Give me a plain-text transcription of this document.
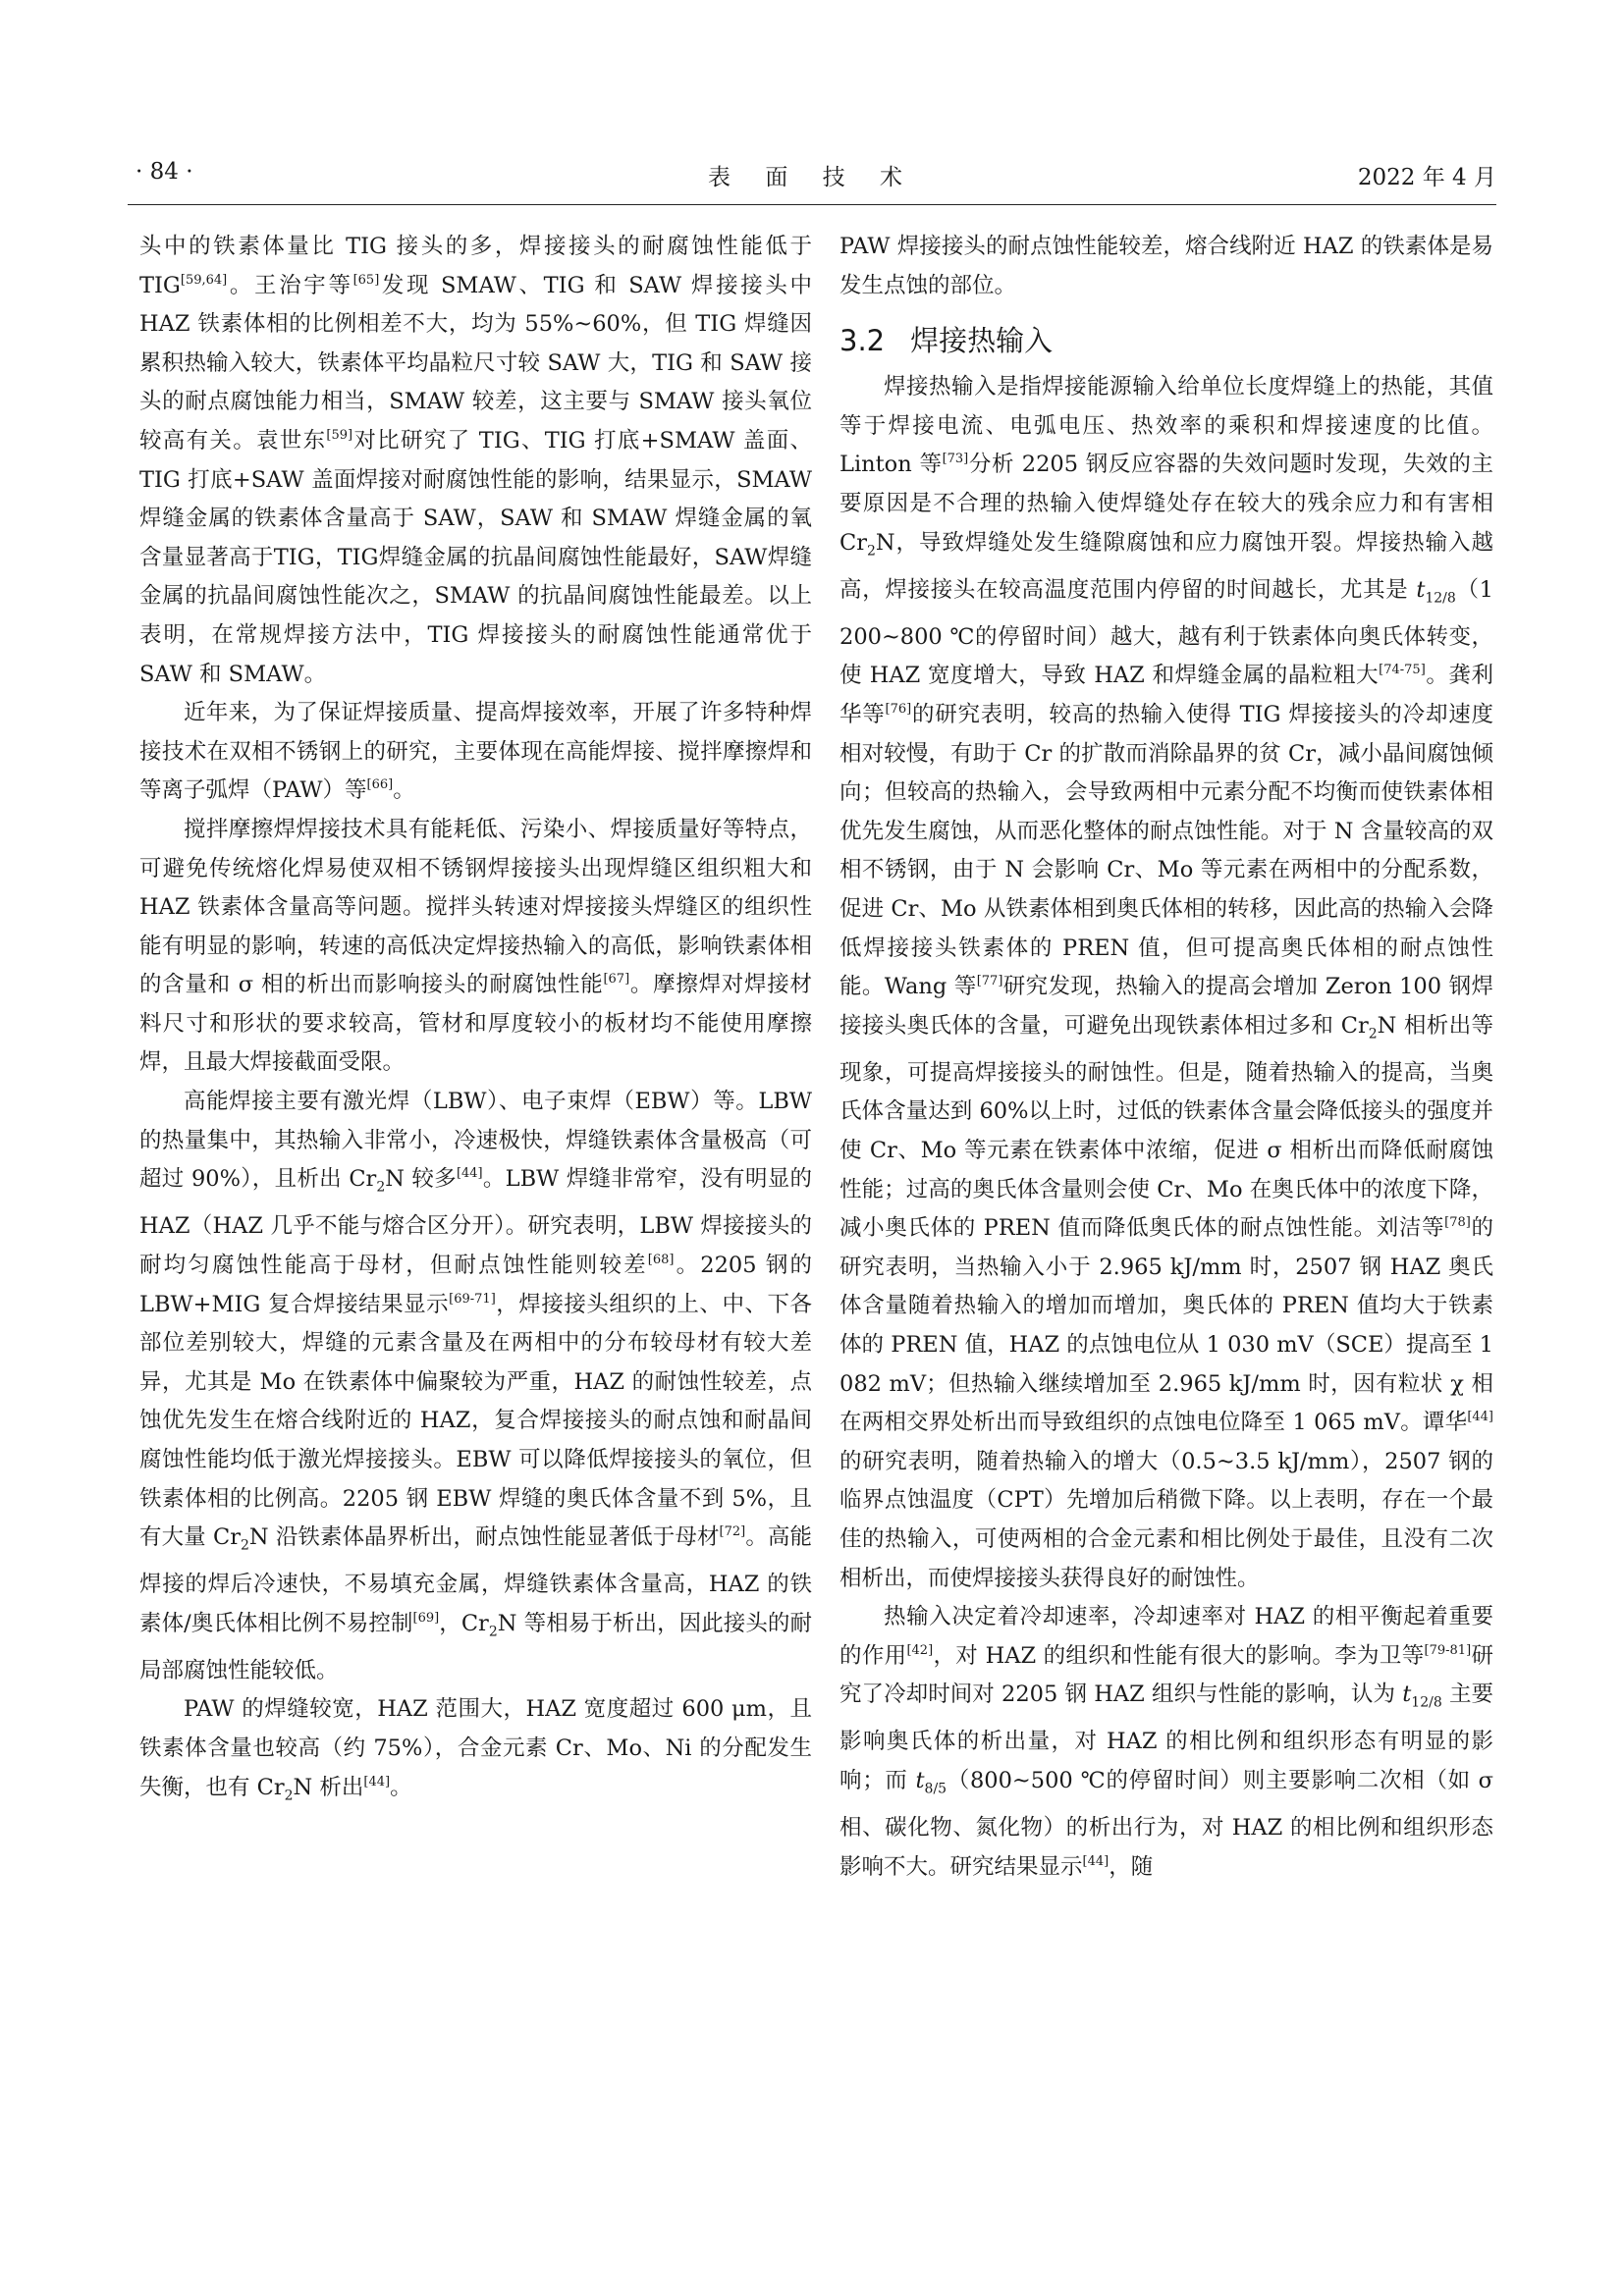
· 84 ·	表 面 技 术	2022 年 4 月

头中的铁素体量比 TIG 接头的多，焊接接头的耐腐蚀性能低于 TIG[59,64]。王治宇等[65]发现 SMAW、TIG 和 SAW 焊接接头中 HAZ 铁素体相的比例相差不大，均为 55%~60%，但 TIG 焊缝因累积热输入较大，铁素体平均晶粒尺寸较 SAW 大，TIG 和 SAW 接头的耐点腐蚀能力相当，SMAW 较差，这主要与 SMAW 接头氧位较高有关。袁世东[59]对比研究了 TIG、TIG 打底+SMAW 盖面、TIG 打底+SAW 盖面焊接对耐腐蚀性能的影响，结果显示，SMAW 焊缝金属的铁素体含量高于 SAW，SAW 和 SMAW 焊缝金属的氧含量显著高于TIG，TIG焊缝金属的抗晶间腐蚀性能最好，SAW焊缝金属的抗晶间腐蚀性能次之，SMAW 的抗晶间腐蚀性能最差。以上表明，在常规焊接方法中，TIG 焊接接头的耐腐蚀性能通常优于 SAW 和 SMAW。

近年来，为了保证焊接质量、提高焊接效率，开展了许多特种焊接技术在双相不锈钢上的研究，主要体现在高能焊接、搅拌摩擦焊和等离子弧焊（PAW）等[66]。

搅拌摩擦焊焊接技术具有能耗低、污染小、焊接质量好等特点，可避免传统熔化焊易使双相不锈钢焊接接头出现焊缝区组织粗大和 HAZ 铁素体含量高等问题。搅拌头转速对焊接接头焊缝区的组织性能有明显的影响，转速的高低决定焊接热输入的高低，影响铁素体相的含量和 σ 相的析出而影响接头的耐腐蚀性能[67]。摩擦焊对焊接材料尺寸和形状的要求较高，管材和厚度较小的板材均不能使用摩擦焊，且最大焊接截面受限。

高能焊接主要有激光焊（LBW）、电子束焊（EBW）等。LBW 的热量集中，其热输入非常小，冷速极快，焊缝铁素体含量极高（可超过 90%），且析出 $Cr_2N$ 较多[44]。LBW 焊缝非常窄，没有明显的 HAZ（HAZ 几乎不能与熔合区分开）。研究表明，LBW 焊接接头的耐均匀腐蚀性能高于母材，但耐点蚀性能则较差[68]。2205 钢的 LBW+MIG 复合焊接结果显示[69-71]，焊接接头组织的上、中、下各部位差别较大，焊缝的元素含量及在两相中的分布较母材有较大差异，尤其是 Mo 在铁素体中偏聚较为严重，HAZ 的耐蚀性较差，点蚀优先发生在熔合线附近的 HAZ，复合焊接接头的耐点蚀和耐晶间腐蚀性能均低于激光焊接接头。EBW 可以降低焊接接头的氧位，但铁素体相的比例高。2205 钢 EBW 焊缝的奥氏体含量不到 5%，且有大量 $Cr_2N$ 沿铁素体晶界析出，耐点蚀性能显著低于母材[72]。高能焊接的焊后冷速快，不易填充金属，焊缝铁素体含量高，HAZ 的铁素体/奥氏体相比例不易控制[69]，$Cr_2N$ 等相易于析出，因此接头的耐局部腐蚀性能较低。

PAW 的焊缝较宽，HAZ 范围大，HAZ 宽度超过 600 μm，且铁素体含量也较高（约 75%），合金元素 Cr、Mo、Ni 的分配发生失衡，也有 $Cr_2N$ 析出[44]。

PAW 焊接接头的耐点蚀性能较差，熔合线附近 HAZ 的铁素体是易发生点蚀的部位。

3.2 焊接热输入

焊接热输入是指焊接能源输入给单位长度焊缝上的热能，其值等于焊接电流、电弧电压、热效率的乘积和焊接速度的比值。Linton 等[73]分析 2205 钢反应容器的失效问题时发现，失效的主要原因是不合理的热输入使焊缝处存在较大的残余应力和有害相 $Cr_2N$，导致焊缝处发生缝隙腐蚀和应力腐蚀开裂。焊接热输入越高，焊接接头在较高温度范围内停留的时间越长，尤其是 $t_{12/8}(1$ 200~800 ℃的停留时间）越大，越有利于铁素体向奥氏体转变，使 HAZ 宽度增大，导致 HAZ 和焊缝金属的晶粒粗大[74-75]。龚利华等[76]的研究表明，较高的热输入使得 TIG 焊接接头的冷却速度相对较慢，有助于 Cr 的扩散而消除晶界的贫 Cr，减小晶间腐蚀倾向；但较高的热输入，会导致两相中元素分配不均衡而使铁素体相优先发生腐蚀，从而恶化整体的耐点蚀性能。对于 N 含量较高的双相不锈钢，由于 N 会影响 Cr、Mo 等元素在两相中的分配系数，促进 Cr、Mo 从铁素体相到奥氏体相的转移，因此高的热输入会降低焊接接头铁素体的 PREN 值，但可提高奥氏体相的耐点蚀性能。Wang 等[77]研究发现，热输入的提高会增加 Zeron 100 钢焊接接头奥氏体的含量，可避免出现铁素体相过多和 $Cr_2N$ 相析出等现象，可提高焊接接头的耐蚀性。但是，随着热输入的提高，当奥氏体含量达到 60%以上时，过低的铁素体含量会降低接头的强度并使 Cr、Mo 等元素在铁素体中浓缩，促进 σ 相析出而降低耐腐蚀性能；过高的奥氏体含量则会使 Cr、Mo 在奥氏体中的浓度下降，减小奥氏体的 PREN 值而降低奥氏体的耐点蚀性能。刘洁等[78]的研究表明，当热输入小于 2.965 kJ/mm 时，2507 钢 HAZ 奥氏体含量随着热输入的增加而增加，奥氏体的 PREN 值均大于铁素体的 PREN 值，HAZ 的点蚀电位从 1 030 mV（SCE）提高至 1 082 mV；但热输入继续增加至 2.965 kJ/mm 时，因有粒状 χ 相在两相交界处析出而导致组织的点蚀电位降至 1 065 mV。谭华[44]的研究表明，随着热输入的增大（0.5~3.5 kJ/mm），2507 钢的临界点蚀温度（CPT）先增加后稍微下降。以上表明，存在一个最佳的热输入，可使两相的合金元素和相比例处于最佳，且没有二次相析出，而使焊接接头获得良好的耐蚀性。

热输入决定着冷却速率，冷却速率对 HAZ 的相平衡起着重要的作用[42]，对 HAZ 的组织和性能有很大的影响。李为卫等[79-81]研究了冷却时间对 2205 钢 HAZ 组织与性能的影响，认为 $t_{12/8}$ 主要影响奥氏体的析出量，对 HAZ 的相比例和组织形态有明显的影响；而 $t_{8/5}(800\sim 500$ ℃的停留时间）则主要影响二次相（如 σ 相、碳化物、氮化物）的析出行为，对 HAZ 的相比例和组织形态影响不大。研究结果显示[44]，随
